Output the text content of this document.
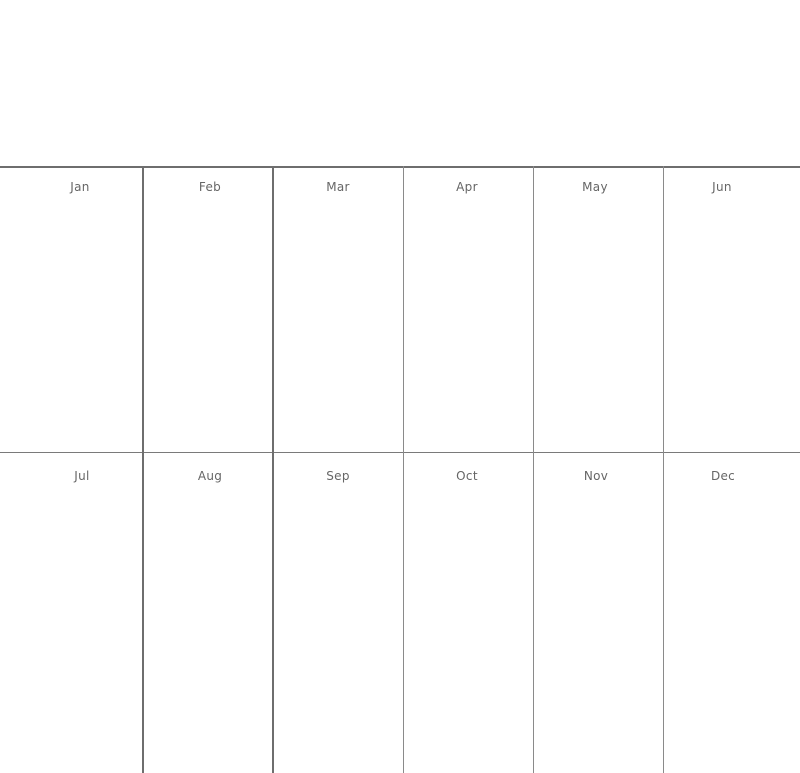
Jan	Feb	Mar	Apr	May	Jun
Jul	Aug	Sep	Oct	Nov	Dec
